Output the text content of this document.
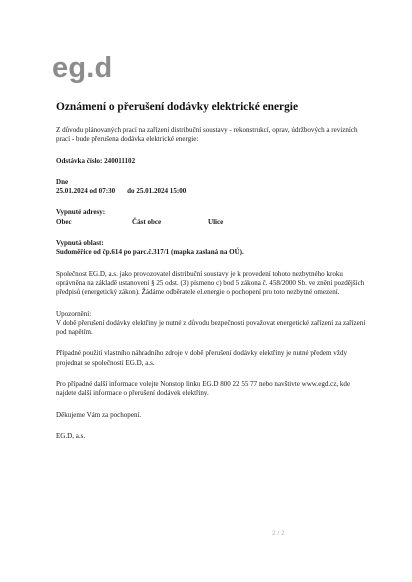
eg.d
Oznámení o přerušení dodávky elektrické energie

Z důvodu plánovaných prací na zařízení distribuční soustavy - rekonstrukcí, oprav, údržbových a revizních prací - bude přerušena dodávka elektrické energie:

Odstávka číslo: 240011102

Dne

25.01.2024 od 07:30 do 25.01.2024 15:00

Vypnuté adresy:

Obec	Část obce	Ulice

Vypnutá oblast:

Sudoměřice od čp.614 po parc.č.317/1 (mapka zaslaná na OÚ).

Společnost EG.D, a.s. jako provozovatel distribuční soustavy je k provedení tohoto nezbytného kroku oprávněna na základě ustanovení § 25 odst. (3) písmeno c) bod 5 zákona č. 458/2000 Sb. ve znění pozdějších předpisů (energetický zákon). Žádáme odběratele el.energie o pochopení pro toto nezbytné omezení.

Upozornění:

V době přerušení dodávky elektřiny je nutné z důvodu bezpečnosti považovat energetické zařízení za zařízení pod napětím.

Případné použití vlastního náhradního zdroje v době přerušení dodávky elektřiny je nutné předem vždy projednat se společností EG.D, a.s.

Pro případné další informace volejte Nonstop linku EG.D 800 22 55 77 nebo navštivte www.egd.cz, kde najdete další informace o přerušení dodávek elektřiny.

Děkujeme Vám za pochopení.

EG.D, a.s.

2 / 2
